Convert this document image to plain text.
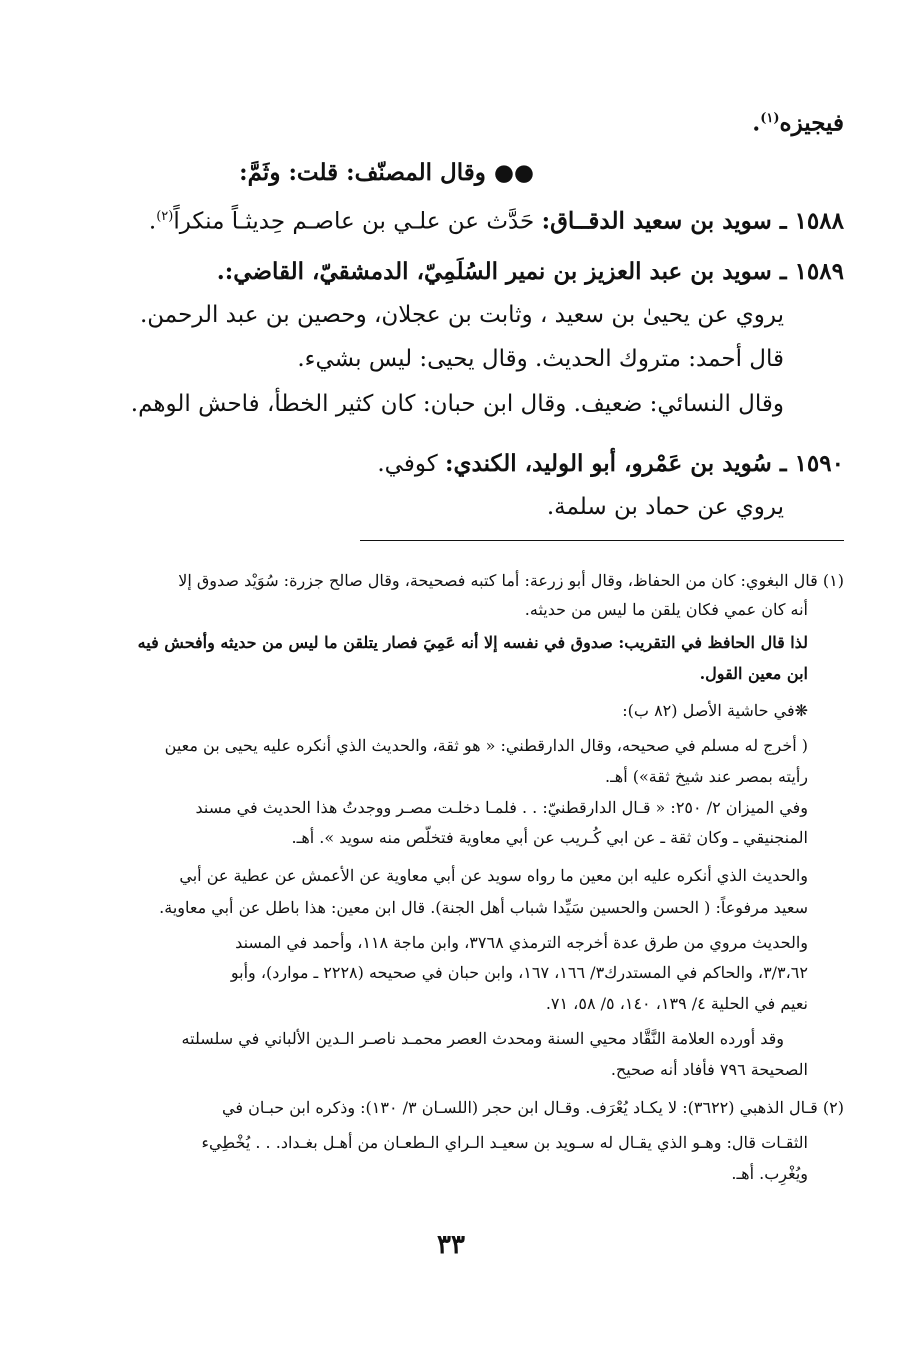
فيجيزه$^{(١)}$.
●● وقال المصنّف: قلت: وثَمَّ:
١٥٨٨ ـ سويد بن سعيد الدقــاق: حَدَّث عن علـي بن عاصـم حِديثـاً منكراً$^{(٢)}$.
١٥٨٩ ـ سويد بن عبد العزيز بن نمير السُلَمِيّ، الدمشقيّ، القاضي:.
يروي عن يحيىٰ بن سعيد ، وثابت بن عجلان، وحصين بن عبد الرحمن.
قال أحمد: متروك الحديث. وقال يحيى: ليس بشيء.
وقال النسائي: ضعيف. وقال ابن حبان: كان كثير الخطأ، فاحش الوهم.
١٥٩٠ ـ سُويد بن عَمْرو، أبو الوليد، الكندي: كوفي.
يروي عن حماد بن سلمة.
(١) قال البغوي: كان من الحفاظ، وقال أبو زرعة: أما كتبه فصحيحة، وقال صالح جزرة: سُوَيْد صدوق إلا
أنه كان عمي فكان يلقن ما ليس من حديثه.
لذا قال الحافظ في التقريب: صدوق في نفسه إلا أنه عَمِيَ فصار يتلقن ما ليس من حديثه وأفحش فيه
ابن معين القول.
❋في حاشية الأصل (٨٢ ب):
( أخرج له مسلم في صحيحه، وقال الدارقطني: « هو ثقة، والحديث الذي أنكره عليه يحيى بن معين
رأيته بمصر عند شيخ ثقة») أهـ.
وفي الميزان ٢/ ٢٥٠: « قـال الدارقطنيّ: . . فلمـا دخلـت مصـر ووجدتُ هذا الحديث في مسند
المنجنيقي ـ وكان ثقة ـ عن ابي كُـريب عن أبي معاوية فتخلّص منه سويد ». أهـ.
والحديث الذي أنكره عليه ابن معين ما رواه سويد عن أبي معاوية عن الأعمش عن عطية عن أبي
سعيد مرفوعاً: ( الحسن والحسين سَيِّدا شباب أهل الجنة). قال ابن معين: هذا باطل عن أبي معاوية.
والحديث مروي من طرق عدة أخرجه الترمذي ٣٧٦٨، وابن ماجة ١١٨، وأحمد في المسند
٣/٣،٦٢، والحاكم في المستدرك٣/ ١٦٦، ١٦٧، وابن حبان في صحيحه (٢٢٢٨ ـ موارد)، وأبو
نعيم في الحلية ٤/ ١٣٩، ١٤٠، ٥/ ٥٨، ٧١.
وقد أورده العلامة النَّقَّاد محيي السنة ومحدث العصر محمـد ناصـر الـدين الألباني في سلسلته
الصحيحة ٧٩٦ فأفاد أنه صحيح.
(٢) قـال الذهبي (٣٦٢٢): لا يكـاد يُعْرَف. وقـال ابن حجر (اللسـان ٣/ ١٣٠): وذكره ابن حبـان في
الثقـات قال: وهـو الذي يقـال له سـويد بن سعيـد الـراي الـطعـان من أهـل بغـداد. . . يُخْطِيء
ويُغْرِب. أهـ.
٣٣
